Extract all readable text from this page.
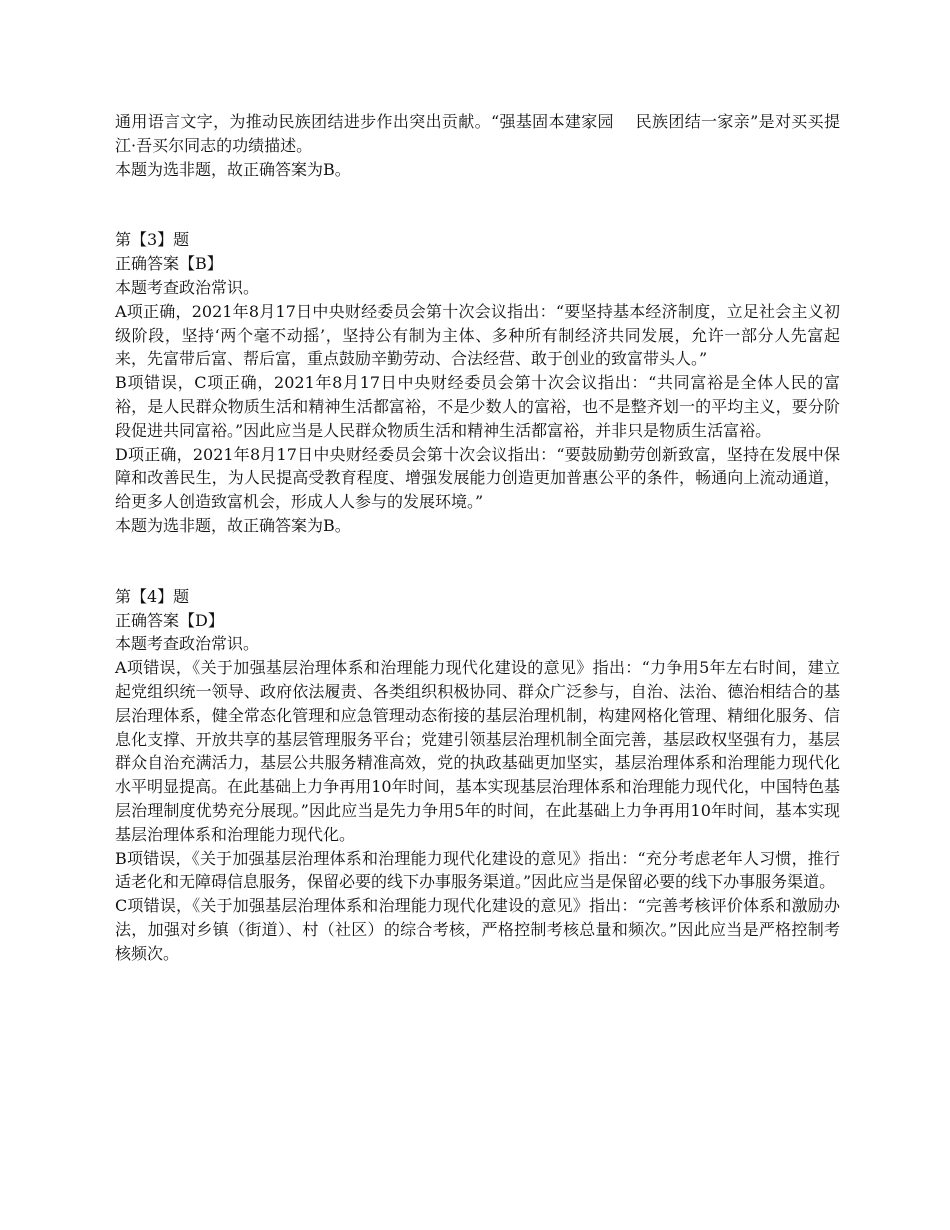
通用语言文字，为推动民族团结进步作出突出贡献。“强基固本建家园　 民族团结一家亲”是对买买提江·吾买尔同志的功绩描述。

本题为选非题，故正确答案为B。

第【3】题

正确答案【B】

本题考查政治常识。

A项正确，2021年8月17日中央财经委员会第十次会议指出：“要坚持基本经济制度，立足社会主义初级阶段，坚持‘两个毫不动摇’，坚持公有制为主体、多种所有制经济共同发展，允许一部分人先富起来，先富带后富、帮后富，重点鼓励辛勤劳动、合法经营、敢于创业的致富带头人。”

B项错误，C项正确，2021年8月17日中央财经委员会第十次会议指出：“共同富裕是全体人民的富裕，是人民群众物质生活和精神生活都富裕，不是少数人的富裕，也不是整齐划一的平均主义，要分阶段促进共同富裕。”因此应当是人民群众物质生活和精神生活都富裕，并非只是物质生活富裕。

D项正确，2021年8月17日中央财经委员会第十次会议指出：“要鼓励勤劳创新致富，坚持在发展中保障和改善民生，为人民提高受教育程度、增强发展能力创造更加普惠公平的条件，畅通向上流动通道，给更多人创造致富机会，形成人人参与的发展环境。”

本题为选非题，故正确答案为B。

第【4】题

正确答案【D】

本题考查政治常识。

A项错误，《关于加强基层治理体系和治理能力现代化建设的意见》指出：“力争用5年左右时间，建立起党组织统一领导、政府依法履责、各类组织积极协同、群众广泛参与，自治、法治、德治相结合的基层治理体系，健全常态化管理和应急管理动态衔接的基层治理机制，构建网格化管理、精细化服务、信息化支撑、开放共享的基层管理服务平台；党建引领基层治理机制全面完善，基层政权坚强有力，基层群众自治充满活力，基层公共服务精准高效，党的执政基础更加坚实，基层治理体系和治理能力现代化水平明显提高。在此基础上力争再用10年时间，基本实现基层治理体系和治理能力现代化，中国特色基层治理制度优势充分展现。”因此应当是先力争用5年的时间，在此基础上力争再用10年时间，基本实现基层治理体系和治理能力现代化。

B项错误，《关于加强基层治理体系和治理能力现代化建设的意见》指出：“充分考虑老年人习惯，推行适老化和无障碍信息服务，保留必要的线下办事服务渠道。”因此应当是保留必要的线下办事服务渠道。

C项错误，《关于加强基层治理体系和治理能力现代化建设的意见》指出：“完善考核评价体系和激励办法，加强对乡镇（街道）、村（社区）的综合考核，严格控制考核总量和频次。”因此应当是严格控制考核频次。
